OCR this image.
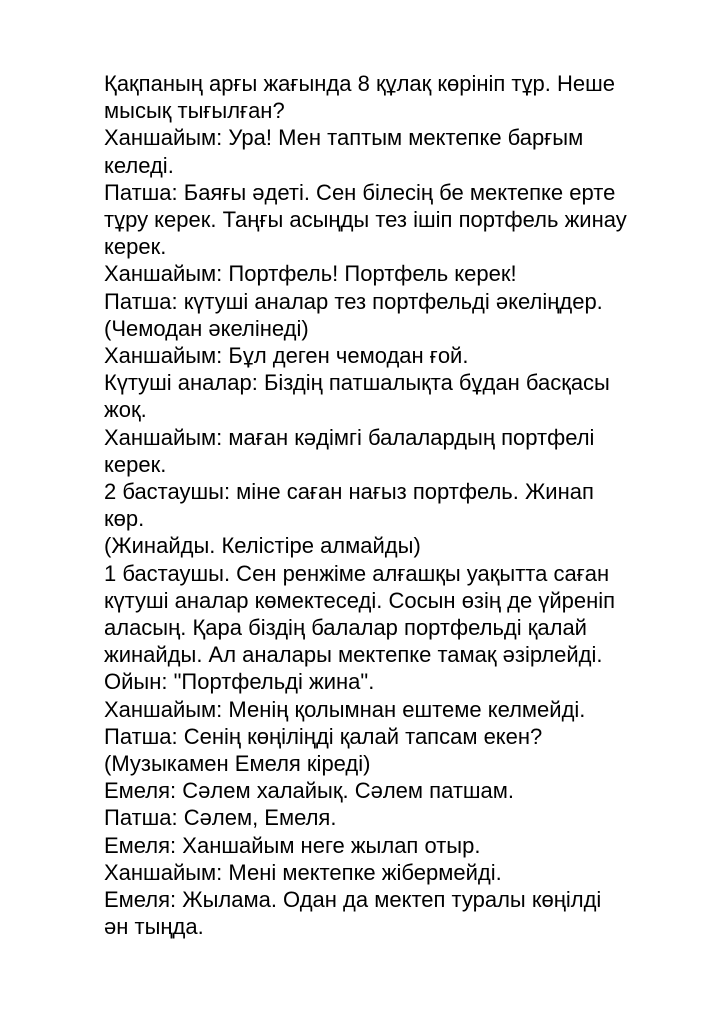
Қақпаның арғы жағында 8 құлақ көрініп тұр. Неше
мысық тығылған?
Ханшайым: Ура! Мен таптым мектепке барғым
келеді.
Патша: Баяғы әдеті. Сен білесің бе мектепке ерте
тұру керек. Таңғы асыңды тез ішіп портфель жинау
керек.
Ханшайым: Портфель! Портфель керек!
Патша: күтуші аналар тез портфельді әкеліңдер.
(Чемодан әкелінеді)
Ханшайым: Бұл деген чемодан ғой.
Күтуші аналар: Біздің патшалықта бұдан басқасы
жоқ.
Ханшайым: маған кәдімгі балалардың портфелі
керек.
2 бастаушы: міне саған нағыз портфель. Жинап
көр.
(Жинайды. Келістіре алмайды)
1 бастаушы. Сен ренжіме алғашқы уақытта саған
күтуші аналар көмектеседі. Сосын өзің де үйреніп
аласың. Қара біздің балалар портфельді қалай
жинайды. Ал аналары мектепке тамақ әзірлейді.
Ойын: "Портфельді жина".
Ханшайым: Менің қолымнан ештеме келмейді.
Патша: Сенің көңіліңді қалай тапсам екен?
(Музыкамен Емеля кіреді)
Емеля: Сәлем халайық. Сәлем патшам.
Патша: Сәлем, Емеля.
Емеля: Ханшайым неге жылап отыр.
Ханшайым: Мені мектепке жібермейді.
Емеля: Жылама. Одан да мектеп туралы көңілді
ән тыңда.
